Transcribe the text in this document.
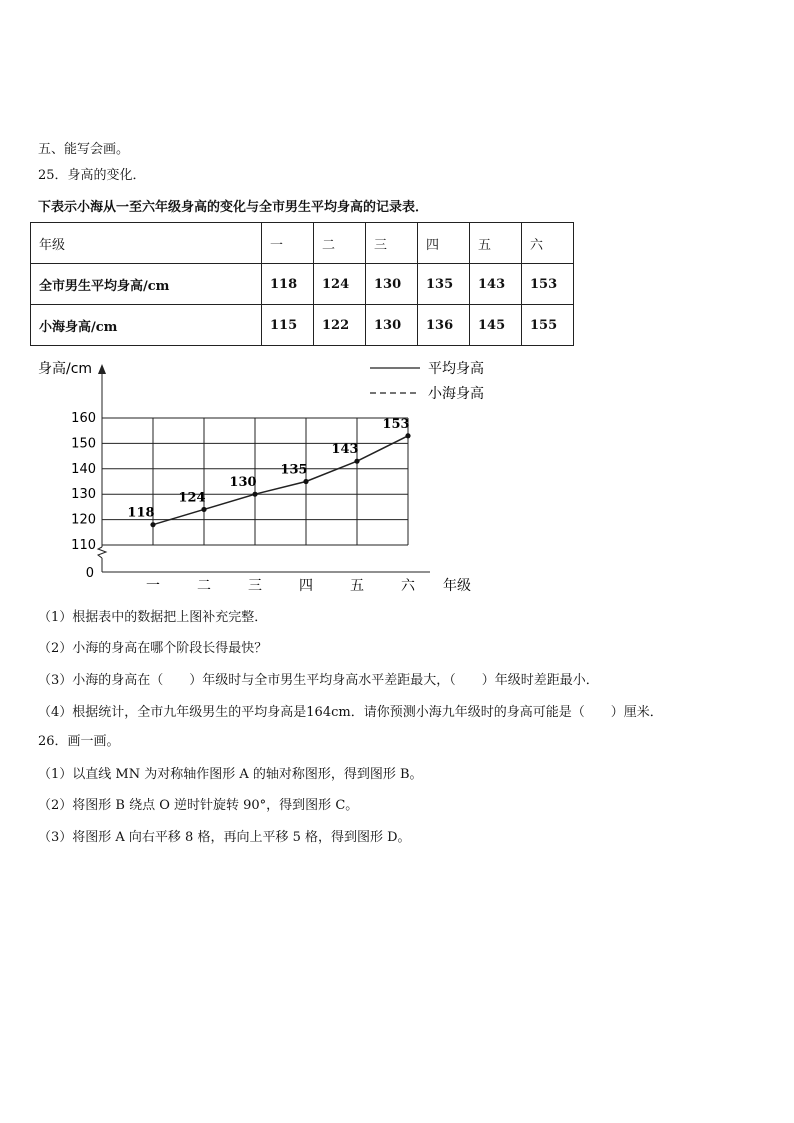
五、能写会画。
25．身高的变化．
下表示小海从一至六年级身高的变化与全市男生平均身高的记录表．
年级	一	二	三	四	五	六
全市男生平均身高/cm	118	124	130	135	143	153
小海身高/cm	115	122	130	136	145	155
110
120
130
140
150
160
0
身高/cm
一	二	三	四	五	六 年级
平均身高
小海身高
118
124
130
135
143
153
（1）根据表中的数据把上图补充完整．
（2）小海的身高在哪个阶段长得最快？
（3）小海的身高在（　　）年级时与全市男生平均身高水平差距最大，（　　）年级时差距最小．
（4）根据统计，全市九年级男生的平均身高是164cm．请你预测小海九年级时的身高可能是（　　）厘米．
26．画一画。
（1）以直线 MN 为对称轴作图形 A 的轴对称图形，得到图形 B。
（2）将图形 B 绕点 O 逆时针旋转 90°，得到图形 C。
（3）将图形 A 向右平移 8 格，再向上平移 5 格，得到图形 D。
